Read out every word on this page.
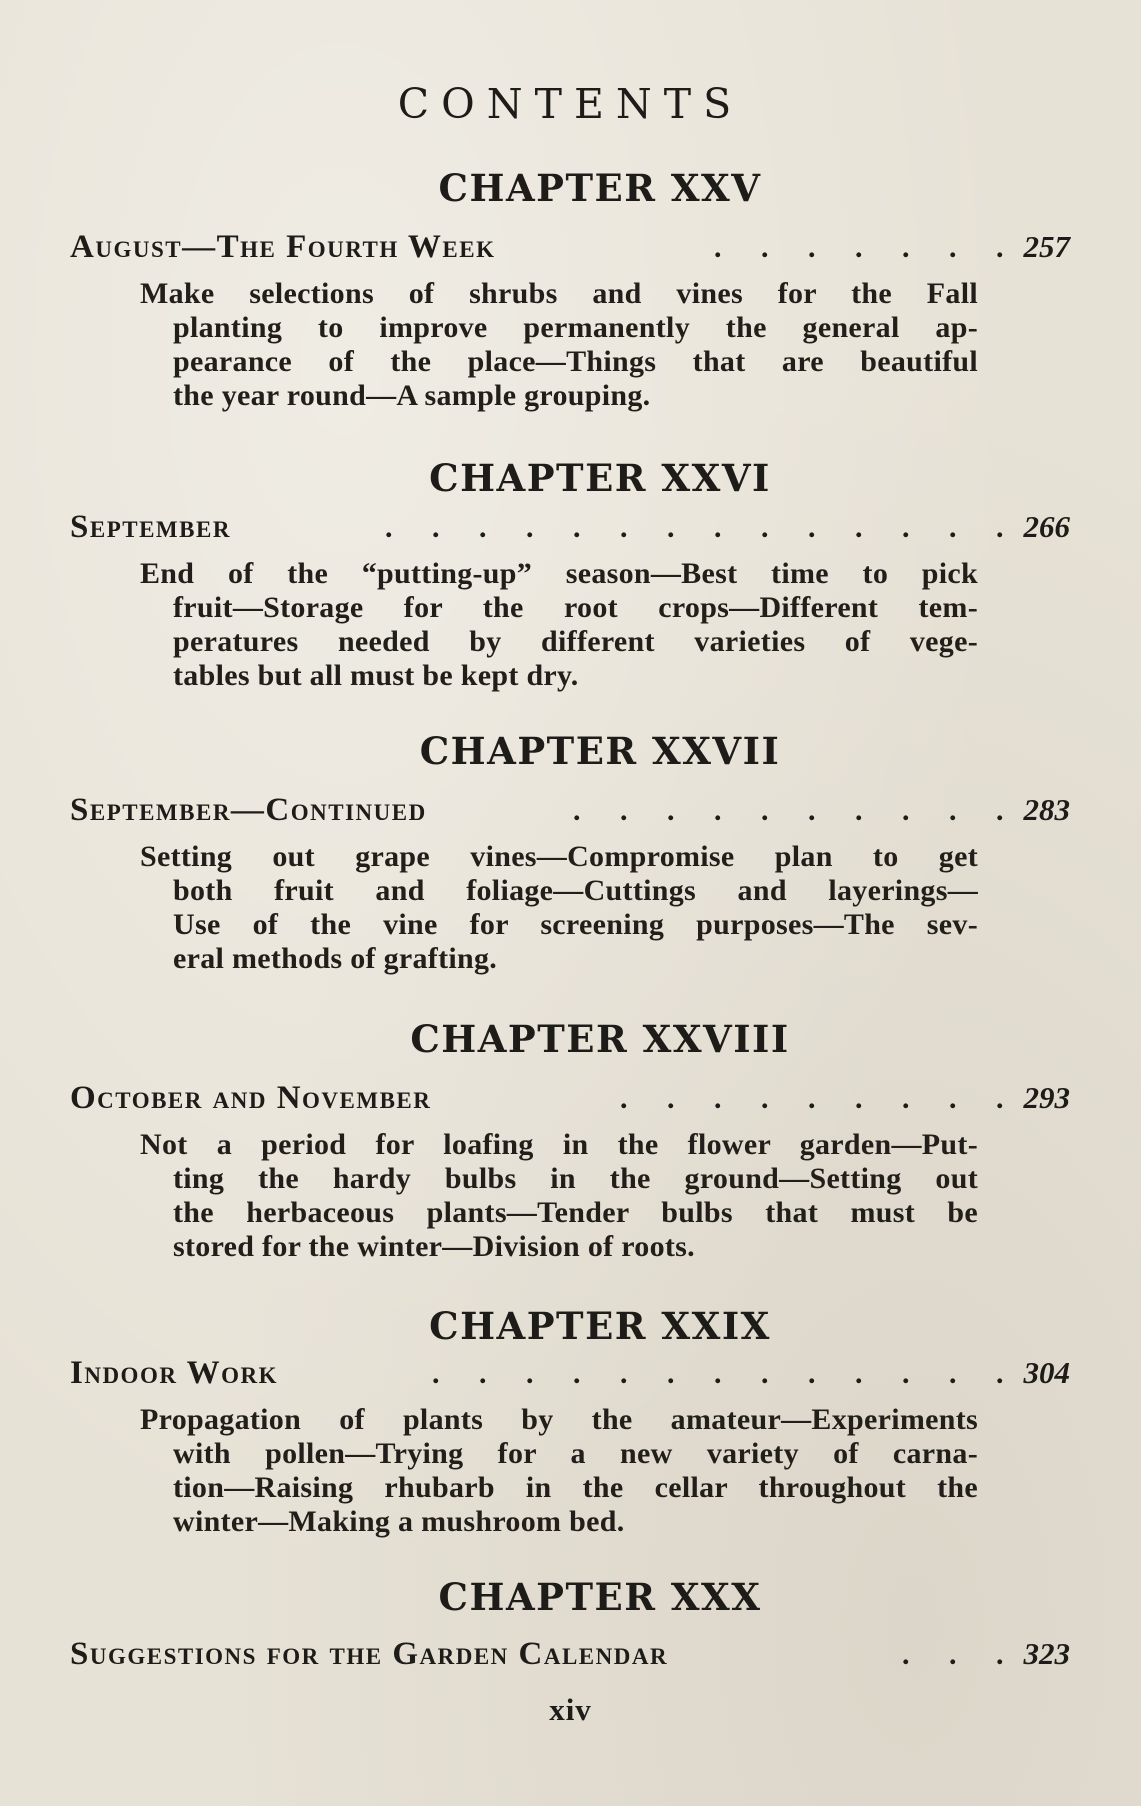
CONTENTS
CHAPTER XXV
August—The Fourth Week	. . . . . . . 257
Make selections of shrubs and vines for the Fall
planting to improve permanently the general ap-
pearance of the place—Things that are beautiful
the year round—A sample grouping.
CHAPTER XXVI
September	. . . . . . . . . . . . . . 266
End of the “putting-up” season—Best time to pick
fruit—Storage for the root crops—Different tem-
peratures needed by different varieties of vege-
tables but all must be kept dry.
CHAPTER XXVII
September—Continued	. . . . . . . . . . 283
Setting out grape vines—Compromise plan to get
both fruit and foliage—Cuttings and layerings—
Use of the vine for screening purposes—The sev-
eral methods of grafting.
CHAPTER XXVIII
October and November	. . . . . . . . . 293
Not a period for loafing in the flower garden—Put-
ting the hardy bulbs in the ground—Setting out
the herbaceous plants—Tender bulbs that must be
stored for the winter—Division of roots.
CHAPTER XXIX
Indoor Work	. . . . . . . . . . . . . 304
Propagation of plants by the amateur—Experiments
with pollen—Trying for a new variety of carna-
tion—Raising rhubarb in the cellar throughout the
winter—Making a mushroom bed.
CHAPTER XXX
Suggestions for the Garden Calendar	. . . 323
xiv
